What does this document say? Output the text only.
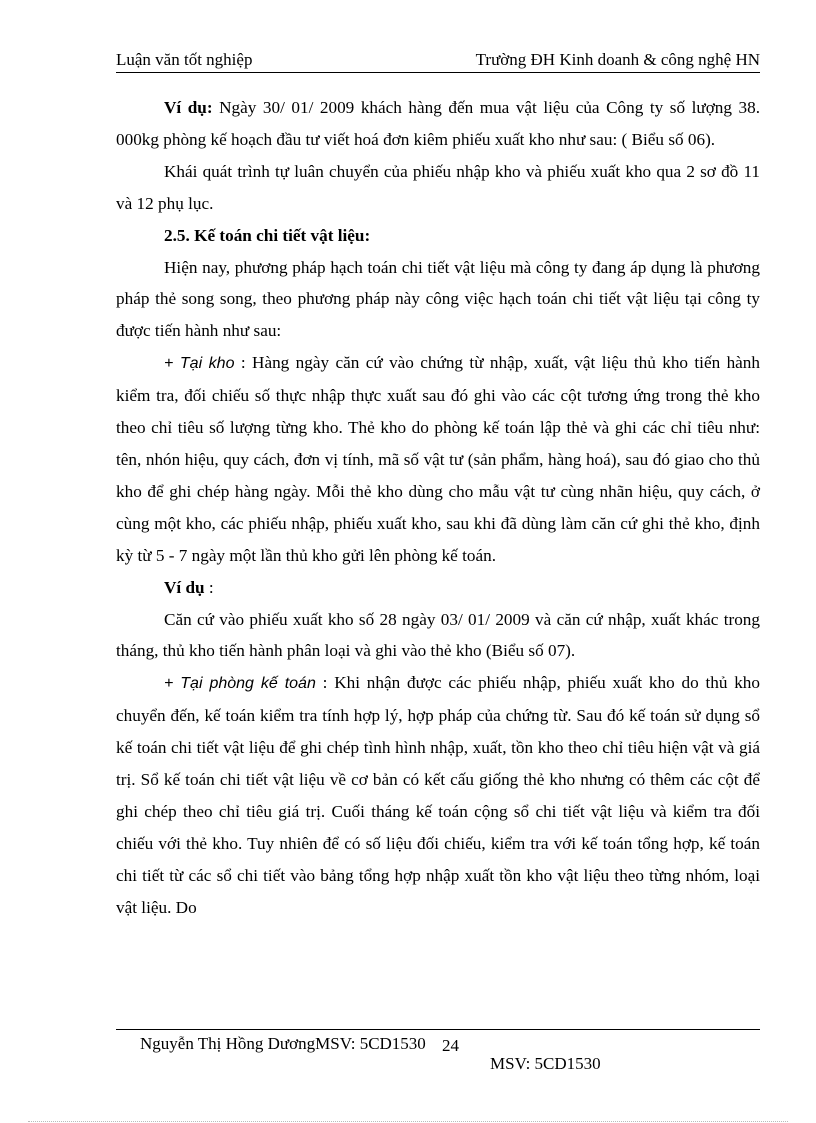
Luận văn tốt nghiệp	Trường ĐH Kinh doanh & công nghệ HN

Ví dụ: Ngày 30/ 01/ 2009 khách hàng đến mua vật liệu của Công ty số lượng 38. 000kg phòng kế hoạch đầu tư viết hoá đơn kiêm phiếu xuất kho như sau: ( Biểu số 06).

Khái quát trình tự luân chuyển của phiếu nhập kho và phiếu xuất kho qua 2 sơ đồ 11 và 12 phụ lục.

2.5. Kế toán chi tiết vật liệu:

Hiện nay, phương pháp hạch toán chi tiết vật liệu mà công ty đang áp dụng là phương pháp thẻ song song, theo phương pháp này công việc hạch toán chi tiết vật liệu tại công ty được tiến hành như sau:

+ Tại kho : Hàng ngày căn cứ vào chứng từ nhập, xuất, vật liệu thủ kho tiến hành kiểm tra, đối chiếu số thực nhập thực xuất sau đó ghi vào các cột tương ứng trong thẻ kho theo chỉ tiêu số lượng từng kho. Thẻ kho do phòng kế toán lập thẻ và ghi các chỉ tiêu như: tên, nhón hiệu, quy cách, đơn vị tính, mã số vật tư (sản phẩm, hàng hoá), sau đó giao cho thủ kho để ghi chép hàng ngày. Mỗi thẻ kho dùng cho mẫu vật tư cùng nhãn hiệu, quy cách, ở cùng một kho, các phiếu nhập, phiếu xuất kho, sau khi đã dùng làm căn cứ ghi thẻ kho, định kỳ từ 5 - 7 ngày một lần thủ kho gửi lên phòng kế toán.

Ví dụ :

Căn cứ vào phiếu xuất kho số 28 ngày 03/ 01/ 2009 và căn cứ nhập, xuất khác trong tháng, thủ kho tiến hành phân loại và ghi vào thẻ kho (Biểu số 07).

+ Tại phòng kế toán : Khi nhận được các phiếu nhập, phiếu xuất kho do thủ kho chuyển đến, kế toán kiểm tra tính hợp lý, hợp pháp của chứng từ. Sau đó kế toán sử dụng sổ kế toán chi tiết vật liệu để ghi chép tình hình nhập, xuất, tồn kho theo chỉ tiêu hiện vật và giá trị. Sổ kế toán chi tiết vật liệu về cơ bản có kết cấu giống thẻ kho nhưng có thêm các cột để ghi chép theo chỉ tiêu giá trị. Cuối tháng kế toán cộng sổ chi tiết vật liệu và kiểm tra đối chiếu với thẻ kho. Tuy nhiên để có số liệu đối chiếu, kiểm tra với kế toán tổng hợp, kế toán chi tiết từ các sổ chi tiết vào bảng tổng hợp nhập xuất tồn kho vật liệu theo từng nhóm, loại vật liệu. Do

Nguyễn Thị Hồng DươngMSV: 5CD1530 24
MSV: 5CD1530
